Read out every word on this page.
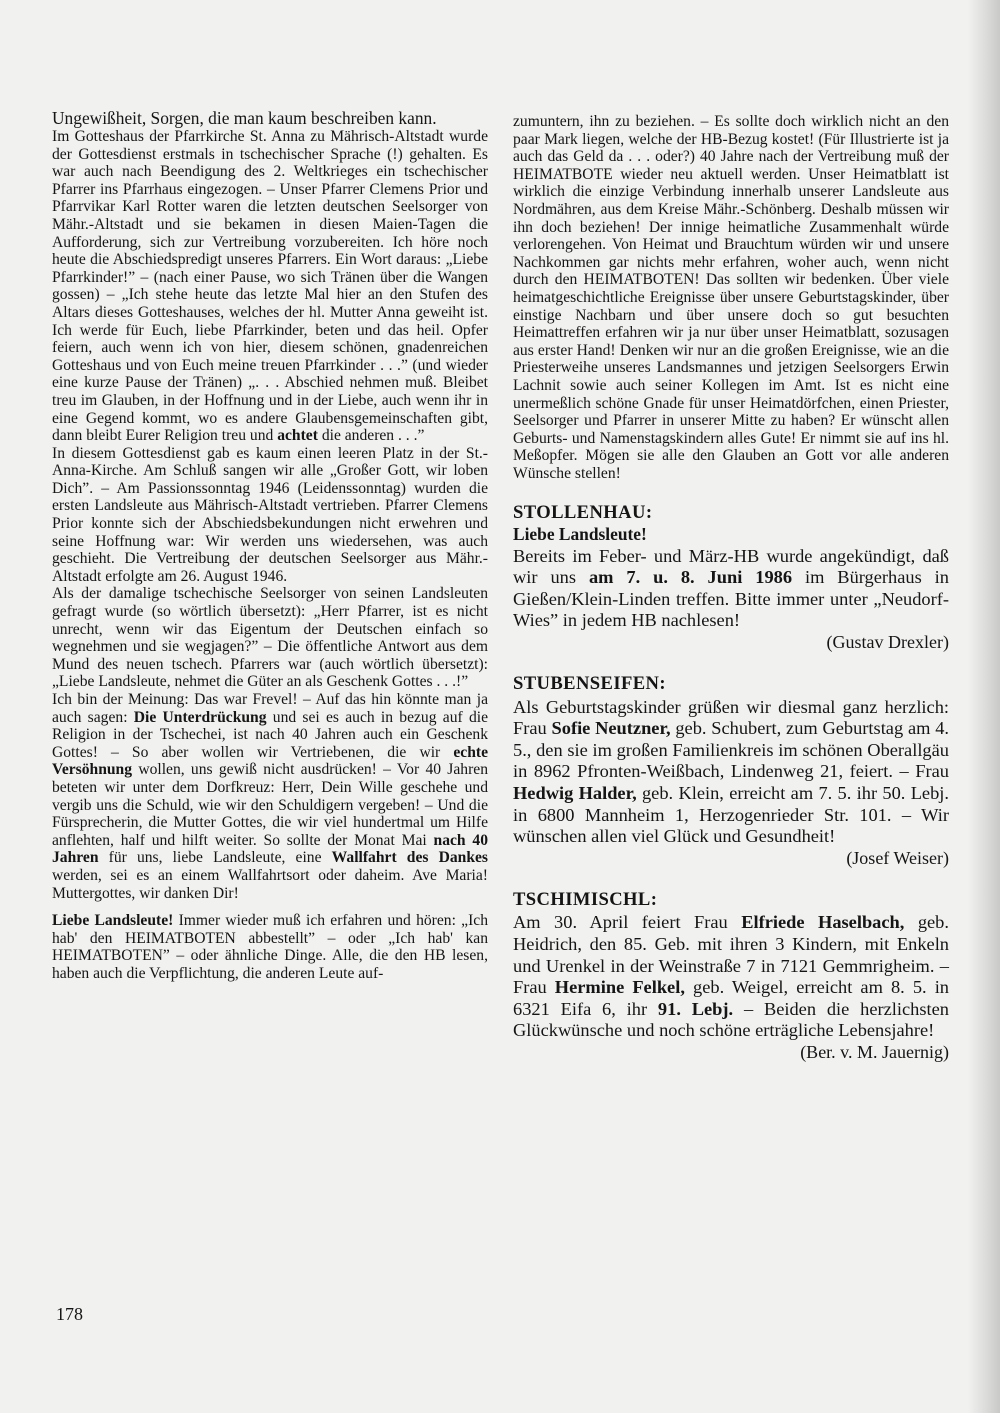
Ungewißheit, Sorgen, die man kaum beschreiben kann.

Im Gotteshaus der Pfarrkirche St. Anna zu Mährisch-Altstadt wurde der Gottesdienst erstmals in tschechischer Sprache (!) gehalten. Es war auch nach Beendigung des 2. Weltkrieges ein tschechischer Pfarrer ins Pfarrhaus eingezogen. – Unser Pfarrer Clemens Prior und Pfarrvikar Karl Rotter waren die letzten deutschen Seelsorger von Mähr.-Altstadt und sie bekamen in diesen Maien-Tagen die Aufforderung, sich zur Vertreibung vorzubereiten. Ich höre noch heute die Abschiedspredigt unseres Pfarrers. Ein Wort daraus: „Liebe Pfarrkinder!” – (nach einer Pause, wo sich Tränen über die Wangen gossen) – „Ich stehe heute das letzte Mal hier an den Stufen des Altars dieses Gotteshauses, welches der hl. Mutter Anna geweiht ist. Ich werde für Euch, liebe Pfarrkinder, beten und das heil. Opfer feiern, auch wenn ich von hier, diesem schönen, gnadenreichen Gotteshaus und von Euch meine treuen Pfarrkinder . . .” (und wieder eine kurze Pause der Tränen) „. . . Abschied nehmen muß. Bleibet treu im Glauben, in der Hoffnung und in der Liebe, auch wenn ihr in eine Gegend kommt, wo es andere Glaubensgemeinschaften gibt, dann bleibt Eurer Religion treu und achtet die anderen . . .”

In diesem Gottesdienst gab es kaum einen leeren Platz in der St.-Anna-Kirche. Am Schluß sangen wir alle „Großer Gott, wir loben Dich”. – Am Passionssonntag 1946 (Leidenssonntag) wurden die ersten Landsleute aus Mährisch-Altstadt vertrieben. Pfarrer Clemens Prior konnte sich der Abschiedsbekundungen nicht erwehren und seine Hoffnung war: Wir werden uns wiedersehen, was auch geschieht. Die Vertreibung der deutschen Seelsorger aus Mähr.-Altstadt erfolgte am 26. August 1946.

Als der damalige tschechische Seelsorger von seinen Landsleuten gefragt wurde (so wörtlich übersetzt): „Herr Pfarrer, ist es nicht unrecht, wenn wir das Eigentum der Deutschen einfach so wegnehmen und sie wegjagen?” – Die öffentliche Antwort aus dem Mund des neuen tschech. Pfarrers war (auch wörtlich übersetzt): „Liebe Landsleute, nehmet die Güter an als Geschenk Gottes . . .!”

Ich bin der Meinung: Das war Frevel! – Auf das hin könnte man ja auch sagen: Die Unterdrückung und sei es auch in bezug auf die Religion in der Tschechei, ist nach 40 Jahren auch ein Geschenk Gottes! – So aber wollen wir Vertriebenen, die wir echte Versöhnung wollen, uns gewiß nicht ausdrücken! – Vor 40 Jahren beteten wir unter dem Dorfkreuz: Herr, Dein Wille geschehe und vergib uns die Schuld, wie wir den Schuldigern vergeben! – Und die Fürsprecherin, die Mutter Gottes, die wir viel hundertmal um Hilfe anflehten, half und hilft weiter. So sollte der Monat Mai nach 40 Jahren für uns, liebe Landsleute, eine Wallfahrt des Dankes werden, sei es an einem Wallfahrtsort oder daheim. Ave Maria! Muttergottes, wir danken Dir!

Liebe Landsleute! Immer wieder muß ich erfahren und hören: „Ich hab' den HEIMATBOTEN abbestellt” – oder „Ich hab' kan HEIMATBOTEN” – oder ähnliche Dinge. Alle, die den HB lesen, haben auch die Verpflichtung, die anderen Leute auf-

zumuntern, ihn zu beziehen. – Es sollte doch wirklich nicht an den paar Mark liegen, welche der HB-Bezug kostet! (Für Illustrierte ist ja auch das Geld da . . . oder?) 40 Jahre nach der Vertreibung muß der HEIMATBOTE wieder neu aktuell werden. Unser Heimatblatt ist wirklich die einzige Verbindung innerhalb unserer Landsleute aus Nordmähren, aus dem Kreise Mähr.-Schönberg. Deshalb müssen wir ihn doch beziehen! Der innige heimatliche Zusammenhalt würde verlorengehen. Von Heimat und Brauchtum würden wir und unsere Nachkommen gar nichts mehr erfahren, woher auch, wenn nicht durch den HEIMATBOTEN! Das sollten wir bedenken. Über viele heimatgeschichtliche Ereignisse über unsere Geburtstagskinder, über einstige Nachbarn und über unsere doch so gut besuchten Heimattreffen erfahren wir ja nur über unser Heimatblatt, sozusagen aus erster Hand! Denken wir nur an die großen Ereignisse, wie an die Priesterweihe unseres Landsmannes und jetzigen Seelsorgers Erwin Lachnit sowie auch seiner Kollegen im Amt. Ist es nicht eine unermeßlich schöne Gnade für unser Heimatdörfchen, einen Priester, Seelsorger und Pfarrer in unserer Mitte zu haben? Er wünscht allen Geburts- und Namenstagskindern alles Gute! Er nimmt sie auf ins hl. Meßopfer. Mögen sie alle den Glauben an Gott vor alle anderen Wünsche stellen!

STOLLENHAU:
Liebe Landsleute!

Bereits im Feber- und März-HB wurde angekündigt, daß wir uns am 7. u. 8. Juni 1986 im Bürgerhaus in Gießen/Klein-Linden treffen. Bitte immer unter „Neudorf-Wies” in jedem HB nachlesen!

(Gustav Drexler)
STUBENSEIFEN:

Als Geburtstagskinder grüßen wir diesmal ganz herzlich: Frau Sofie Neutzner, geb. Schubert, zum Geburtstag am 4. 5., den sie im großen Familienkreis im schönen Oberallgäu in 8962 Pfronten-Weißbach, Lindenweg 21, feiert. – Frau Hedwig Halder, geb. Klein, erreicht am 7. 5. ihr 50. Lebj. in 6800 Mannheim 1, Herzogenrieder Str. 101. – Wir wünschen allen viel Glück und Gesundheit!

(Josef Weiser)
TSCHIMISCHL:

Am 30. April feiert Frau Elfriede Haselbach, geb. Heidrich, den 85. Geb. mit ihren 3 Kindern, mit Enkeln und Urenkel in der Weinstraße 7 in 7121 Gemmrigheim. – Frau Hermine Felkel, geb. Weigel, erreicht am 8. 5. in 6321 Eifa 6, ihr 91. Lebj. – Beiden die herzlichsten Glückwünsche und noch schöne erträgliche Lebensjahre!

(Ber. v. M. Jauernig)
178
